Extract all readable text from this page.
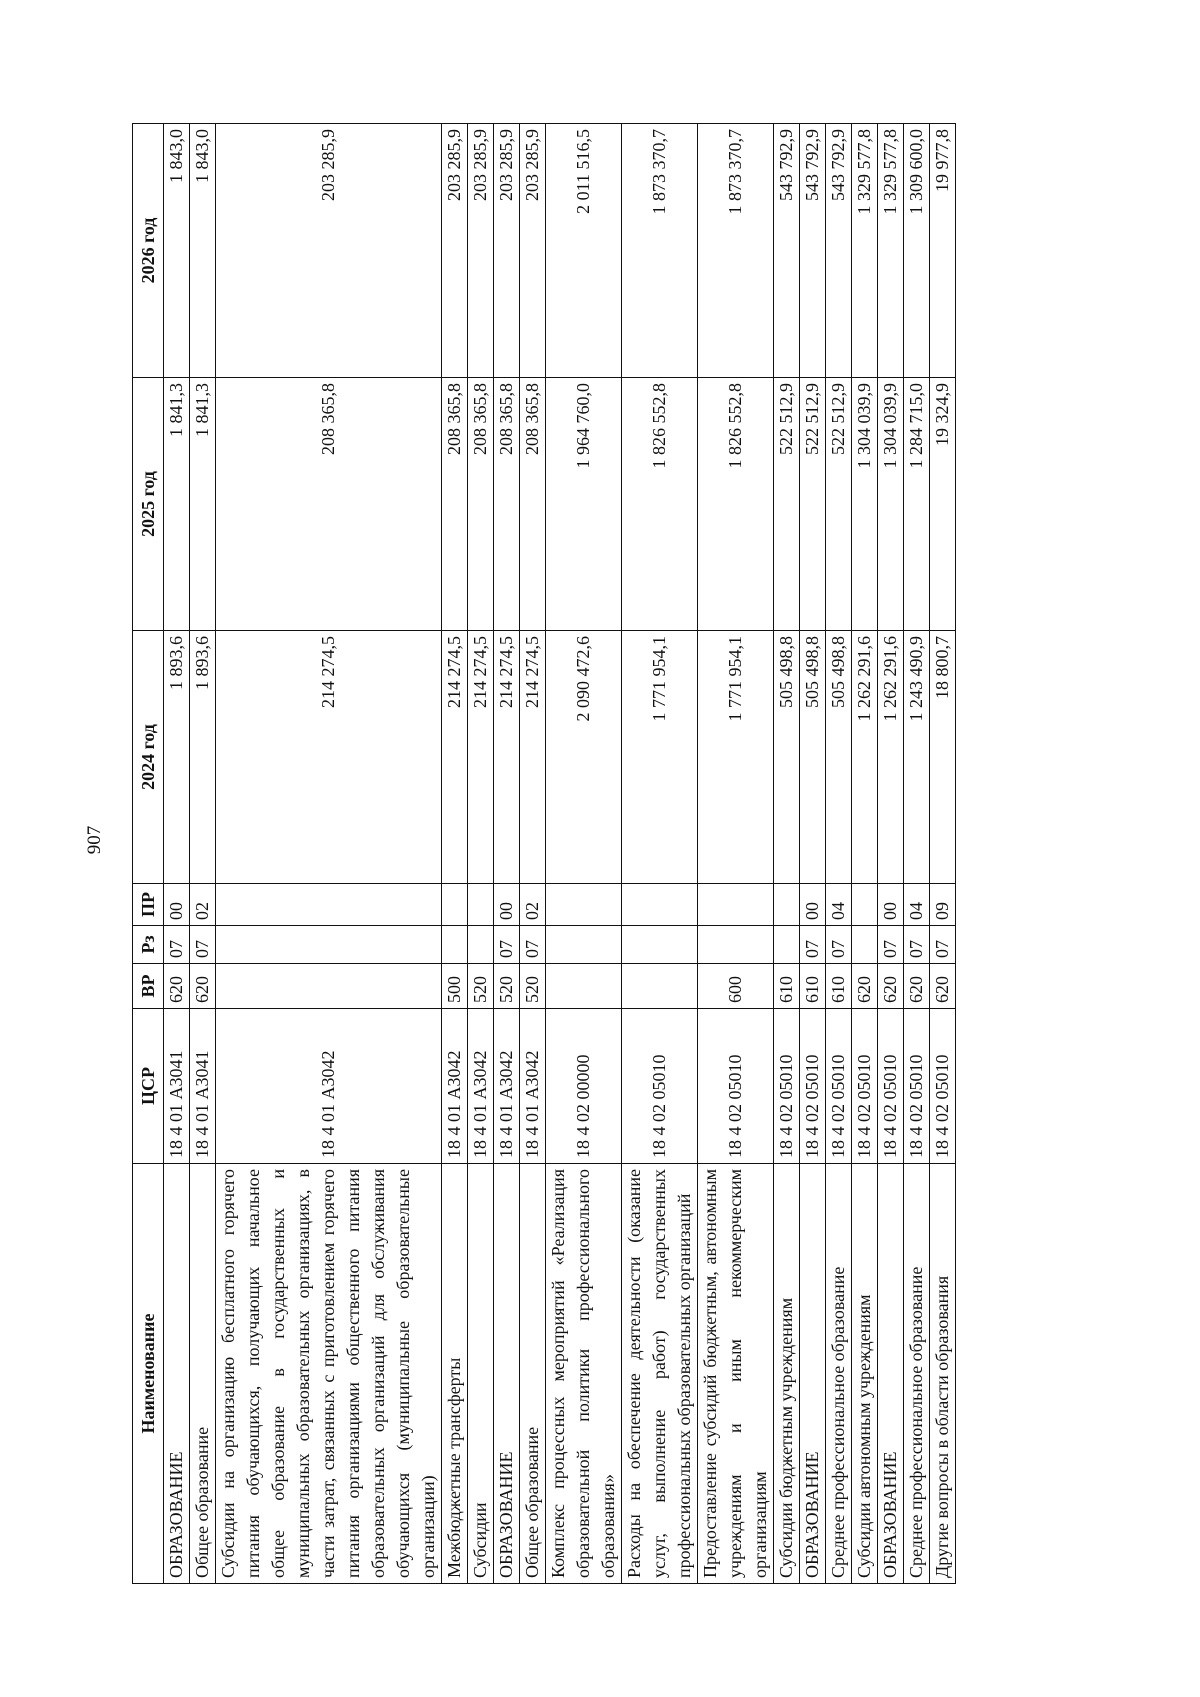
907
Наименование	ЦСР	ВР	Рз	ПР	2024 год	2025 год	2026 год
ОБРАЗОВАНИЕ	18 4 01 А3041	620	07	00	1 893,6	1 841,3	1 843,0
Общее образование	18 4 01 А3041	620	07	02	1 893,6	1 841,3	1 843,0
Субсидии на организацию бесплатного горячего питания обучающихся, получающих начальное общее образование в государственных и муниципальных образовательных организациях, в части затрат, связанных с приготовлением горячего питания организациями общественного питания образовательных организаций для обслуживания обучающихся (муниципальные образовательные организации)	18 4 01 А3042				214 274,5	208 365,8	203 285,9
Межбюджетные трансферты	18 4 01 А3042	500			214 274,5	208 365,8	203 285,9
Субсидии	18 4 01 А3042	520			214 274,5	208 365,8	203 285,9
ОБРАЗОВАНИЕ	18 4 01 А3042	520	07	00	214 274,5	208 365,8	203 285,9
Общее образование	18 4 01 А3042	520	07	02	214 274,5	208 365,8	203 285,9
Комплекс процессных мероприятий «Реализация образовательной политики профессионального образования»	18 4 02 00000				2 090 472,6	1 964 760,0	2 011 516,5
Расходы на обеспечение деятельности (оказание услуг, выполнение работ) государственных профессиональных образовательных организаций	18 4 02 05010				1 771 954,1	1 826 552,8	1 873 370,7
Предоставление субсидий бюджетным, автономным учреждениям и иным некоммерческим организациям	18 4 02 05010	600			1 771 954,1	1 826 552,8	1 873 370,7
Субсидии бюджетным учреждениям	18 4 02 05010	610			505 498,8	522 512,9	543 792,9
ОБРАЗОВАНИЕ	18 4 02 05010	610	07	00	505 498,8	522 512,9	543 792,9
Среднее профессиональное образование	18 4 02 05010	610	07	04	505 498,8	522 512,9	543 792,9
Субсидии автономным учреждениям	18 4 02 05010	620			1 262 291,6	1 304 039,9	1 329 577,8
ОБРАЗОВАНИЕ	18 4 02 05010	620	07	00	1 262 291,6	1 304 039,9	1 329 577,8
Среднее профессиональное образование	18 4 02 05010	620	07	04	1 243 490,9	1 284 715,0	1 309 600,0
Другие вопросы в области образования	18 4 02 05010	620	07	09	18 800,7	19 324,9	19 977,8
